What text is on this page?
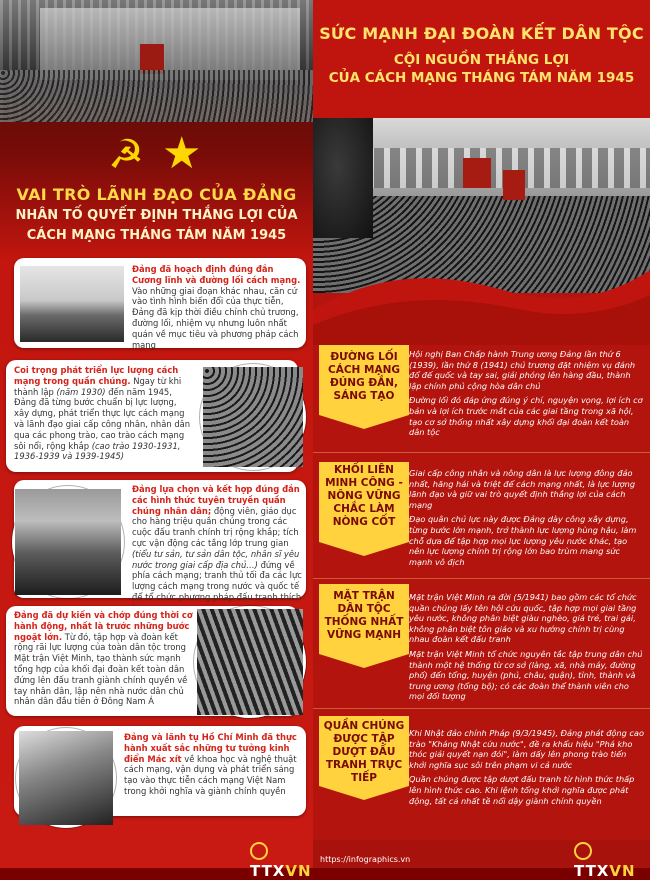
☭ ★
VAI TRÒ LÃNH ĐẠO CỦA ĐẢNG
NHÂN TỐ QUYẾT ĐỊNH THẮNG LỢI CỦA
CÁCH MẠNG THÁNG TÁM NĂM 1945
Đảng đã hoạch định đúng đắn Cương lĩnh và đường lối cách mạng. Vào những giai đoạn khác nhau, căn cứ vào tình hình biến đổi của thực tiễn, Đảng đã kịp thời điều chỉnh chủ trương, đường lối, nhiệm vụ nhưng luôn nhất quán về mục tiêu và phương pháp cách mạng
Coi trọng phát triển lực lượng cách mạng trong quần chúng. Ngay từ khi thành lập (năm 1930) đến năm 1945, Đảng đã từng bước chuẩn bị lực lượng, xây dựng, phát triển thực lực cách mạng và lãnh đạo giai cấp công nhân, nhân dân qua các phong trào, cao trào cách mạng sôi nổi, rộng khắp (cao trào 1930-1931, 1936-1939 và 1939-1945)
Đảng lựa chọn và kết hợp đúng đắn các hình thức tuyên truyền quần chúng nhân dân; động viên, giáo dục cho hàng triệu quần chúng trong các cuộc đấu tranh chính trị rộng khắp; tích cực vận động các tầng lớp trung gian (tiểu tư sản, tư sản dân tộc, nhân sĩ yêu nước trong giai cấp địa chủ…) đứng về phía cách mạng; tranh thủ tối đa các lực lượng cách mạng trong nước và quốc tế để tổ chức phương pháp đấu tranh thích
Đảng đã dự kiến và chớp đúng thời cơ hành động, nhất là trước những bước ngoặt lớn. Từ đó, tập hợp và đoàn kết rộng rãi lực lượng của toàn dân tộc trong Mặt trận Việt Minh, tạo thành sức mạnh tổng hợp của khối đại đoàn kết toàn dân đứng lên đấu tranh giành chính quyền về tay nhân dân, lập nên nhà nước dân chủ nhân dân đầu tiên ở Đông Nam Á
Đảng và lãnh tụ Hồ Chí Minh đã thực hành xuất sắc những tư tưởng kinh điển Mác xít về khoa học và nghệ thuật cách mạng, vận dụng và phát triển sáng tạo vào thực tiễn cách mạng Việt Nam trong khởi nghĩa và giành chính quyền
TTXVN
SỨC MẠNH ĐẠI ĐOÀN KẾT DÂN TỘC
CỘI NGUỒN THẮNG LỢI
CỦA CÁCH MẠNG THÁNG TÁM NĂM 1945
ĐƯỜNG LỐI CÁCH MẠNG ĐÚNG ĐẮN, SÁNG TẠO

Hội nghị Ban Chấp hành Trung ương Đảng lần thứ 6 (1939), lần thứ 8 (1941) chủ trương đặt nhiệm vụ đánh đổ đế quốc và tay sai, giải phóng lên hàng đầu, thành lập chính phủ cộng hòa dân chủ

Đường lối đó đáp ứng đúng ý chí, nguyện vọng, lợi ích cơ bản và lợi ích trước mắt của các giai tầng trong xã hội, tạo cơ sở thống nhất xây dựng khối đại đoàn kết toàn dân tộc

KHỐI LIÊN MINH CÔNG - NÔNG VỮNG CHẮC LÀM NÒNG CỐT

Giai cấp công nhân và nông dân là lực lượng đông đảo nhất, hăng hái và triệt để cách mạng nhất, là lực lượng lãnh đạo và giữ vai trò quyết định thắng lợi của cách mạng

Đạo quân chủ lực này được Đảng dày công xây dựng, từng bước lớn mạnh, trở thành lực lượng hùng hậu, làm chỗ dựa để tập hợp mọi lực lượng yêu nước khác, tạo nên lực lượng chính trị rộng lớn bao trùm mang sức mạnh vô địch

MẶT TRẬN DÂN TỘC THỐNG NHẤT VỮNG MẠNH

Mặt trận Việt Minh ra đời (5/1941) bao gồm các tổ chức quần chúng lấy tên hội cứu quốc, tập hợp mọi giai tầng yêu nước, không phân biệt giàu nghèo, giá trẻ, trai gái, không phân biệt tôn giáo và xu hướng chính trị cùng nhau đoàn kết đấu tranh

Mặt trận Việt Minh tổ chức nguyên tắc tập trung dân chủ thành một hệ thống từ cơ sở (làng, xã, nhà máy, đường phố) đến tổng, huyện (phủ, châu, quận), tỉnh, thành và trung ương (tổng bộ); có các đoàn thể thành viên cho mọi đối tượng

QUẦN CHÚNG ĐƯỢC TẬP DƯỢT ĐẤU TRANH TRỰC TIẾP

Khi Nhật đảo chính Pháp (9/3/1945), Đảng phát động cao trào "Kháng Nhật cứu nước", đề ra khẩu hiệu "Phá kho thóc giải quyết nạn đói", làm dấy lên phong trào tiến khởi nghĩa sục sôi trên phạm vi cả nước

Quần chúng được tập dượt đấu tranh từ hình thức thấp lên hình thức cao. Khi lệnh tổng khởi nghĩa được phát động, tất cả nhất tề nổi dậy giành chính quyền

https://infographics.vn
TTXVN
